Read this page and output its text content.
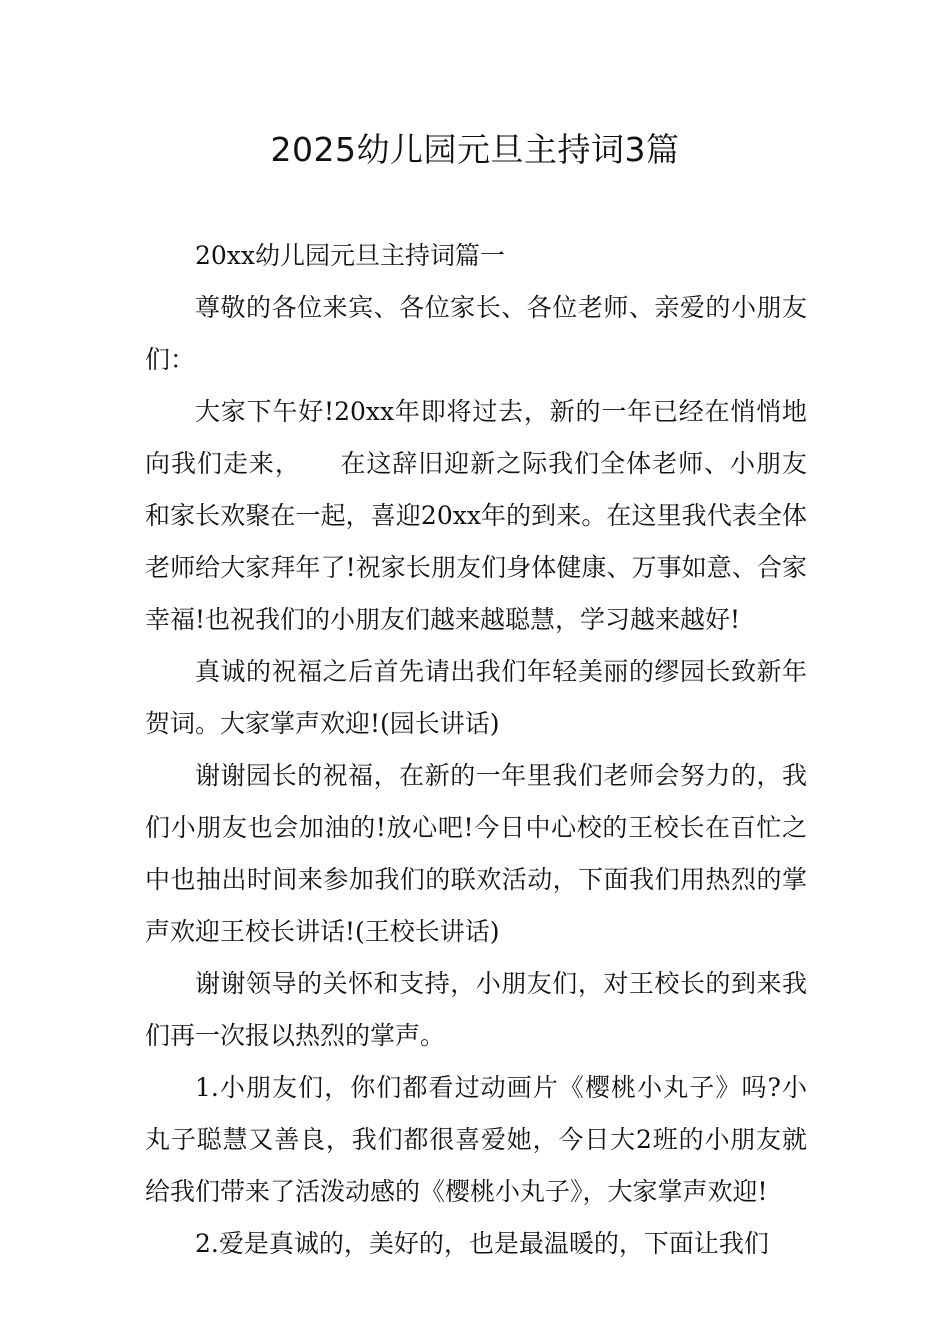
2025幼儿园元旦主持词3篇

20xx幼儿园元旦主持词篇一

尊敬的各位来宾、各位家长、各位老师、亲爱的小朋友们：

大家下午好!20xx年即将过去，新的一年已经在悄悄地向我们走来，　　在这辞旧迎新之际我们全体老师、小朋友和家长欢聚在一起，喜迎20xx年的到来。在这里我代表全体老师给大家拜年了!祝家长朋友们身体健康、万事如意、合家幸福!也祝我们的小朋友们越来越聪慧，学习越来越好!

真诚的祝福之后首先请出我们年轻美丽的缪园长致新年贺词。大家掌声欢迎!(园长讲话)

谢谢园长的祝福，在新的一年里我们老师会努力的，我们小朋友也会加油的!放心吧!今日中心校的王校长在百忙之中也抽出时间来参加我们的联欢活动，下面我们用热烈的掌声欢迎王校长讲话!(王校长讲话)

谢谢领导的关怀和支持，小朋友们，对王校长的到来我们再一次报以热烈的掌声。

1.小朋友们，你们都看过动画片《樱桃小丸子》吗?小丸子聪慧又善良，我们都很喜爱她，今日大2班的小朋友就给我们带来了活泼动感的《樱桃小丸子》，大家掌声欢迎!

2.爱是真诚的，美好的，也是最温暖的，下面让我们
